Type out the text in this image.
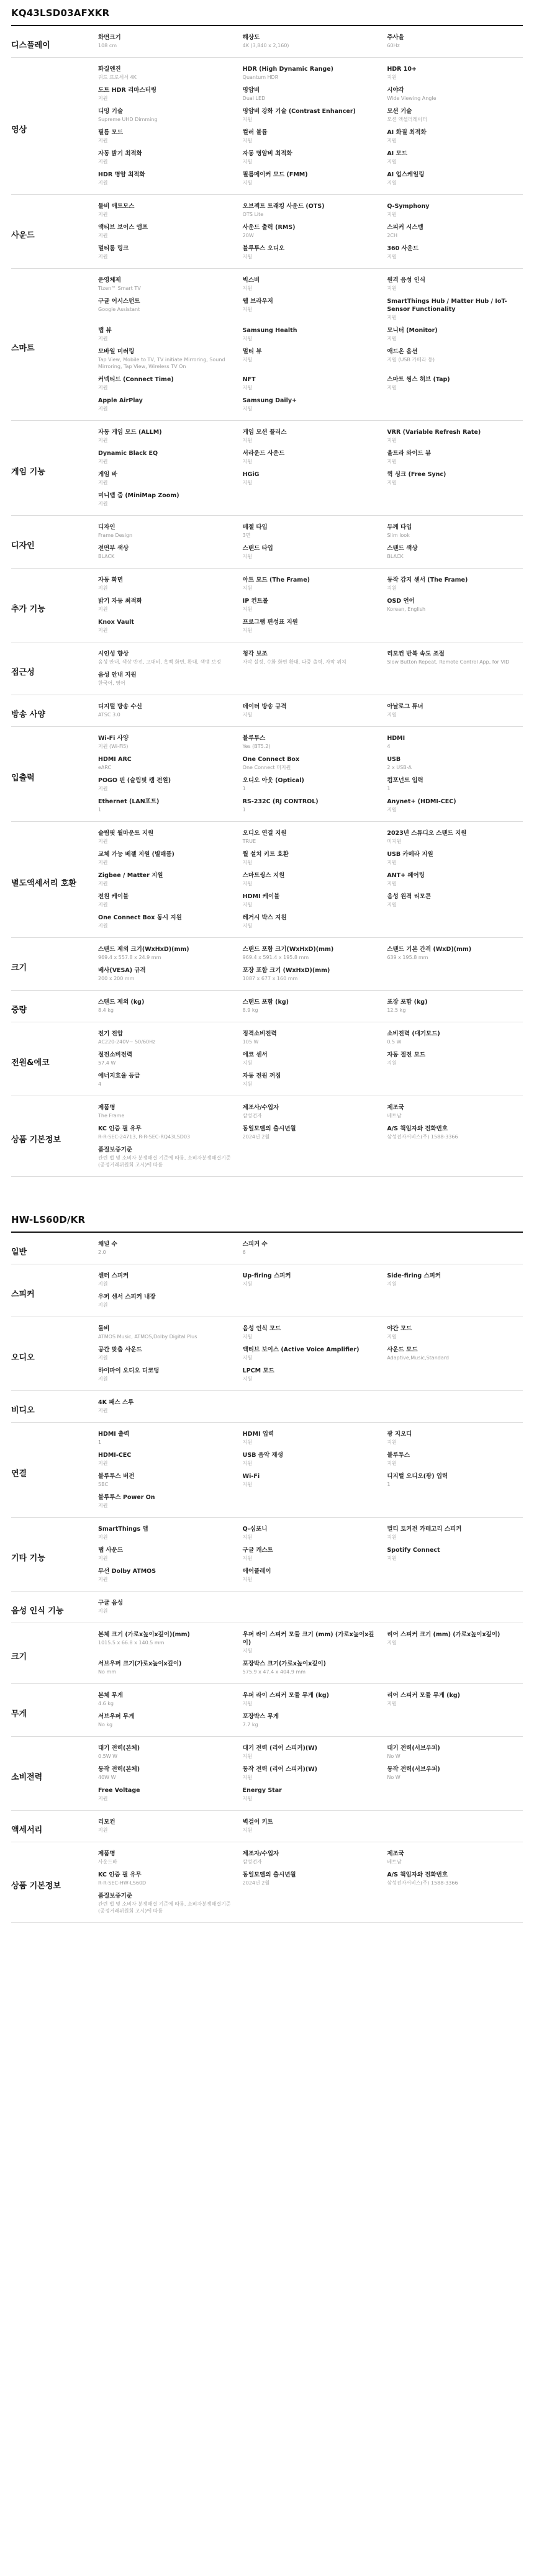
KQ43LSD03AFXKR
디스플레이
화면크기
108 cm
해상도
4K (3,840 x 2,160)
주사율
60Hz
영상
화질엔진
쿼드 프로세서 4K
HDR (High Dynamic Range)
Quantum HDR
HDR 10+
지원
도트 HDR 리마스터링
지원
명암비
Dual LED
시야각
Wide Viewing Angle
디밍 기술
Supreme UHD Dimming
명암비 강화 기술 (Contrast Enhancer)
지원
모션 기술
모션 엑셀러레이터
필름 모드
지원
컬러 볼륨
지원
AI 화질 최적화
지원
자동 밝기 최적화
지원
자동 명암비 최적화
지원
AI 모드
지원
HDR 명암 최적화
지원
필름메이커 모드 (FMM)
지원
AI 업스케일링
지원
사운드
돌비 애트모스
지원
오브젝트 트래킹 사운드 (OTS)
OTS Lite
Q-Symphony
지원
액티브 보이스 앰프
지원
사운드 출력 (RMS)
20W
스피커 시스템
2CH
멀티룸 링크
지원
블루투스 오디오
지원
360 사운드
지원
스마트
운영체제
Tizen™ Smart TV
빅스비
지원
원격 음성 인식
지원
구글 어시스턴트
Google Assistant
웹 브라우저
지원
SmartThings Hub / Matter Hub / IoT-Sensor Functionality
지원
탭 뷰
지원
Samsung Health
지원
모니터 (Monitor)
지원
모바일 미러링
Tap View, Mobile to TV, TV initiate Mirroring, Sound Mirroring, Tap View, Wireless TV On
멀티 뷰
지원
애드온 옵션
지원 (USB 카메라 등)
커넥티드 (Connect Time)
지원
NFT
지원
스마트 씽스 허브 (Tap)
지원
Apple AirPlay
지원
Samsung Daily+
지원
게임 기능
자동 게임 모드 (ALLM)
지원
게임 모션 플러스
지원
VRR (Variable Refresh Rate)
지원
Dynamic Black EQ
지원
서라운드 사운드
지원
울트라 와이드 뷰
지원
게임 바
지원
HGiG
지원
퀵 싱크 (Free Sync)
지원
미니맵 줌 (MiniMap Zoom)
지원
디자인
디자인
Frame Design
베젤 타입
3면
두께 타입
Slim look
전면부 색상
BLACK
스탠드 타입
지원
스탠드 색상
BLACK
추가 기능
자동 화면
지원
아트 모드 (The Frame)
지원
동작 감지 센서 (The Frame)
지원
밝기 자동 최적화
지원
IP 컨트롤
지원
OSD 언어
Korean, English
Knox Vault
지원
프로그램 편성표 지원
지원
접근성
시인성 향상
음성 안내, 색상 반전, 고대비, 흑백 화면, 확대, 색맹 보정
청각 보조
자막 설정, 수화 화면 확대, 다중 출력, 자막 위치
리모컨 반복 속도 조절
Slow Button Repeat, Remote Control App, for VID
음성 안내 지원
한국어, 영어
방송 사양
디지털 방송 수신
ATSC 3.0
데이터 방송 규격
지원
아날로그 튜너
지원
입출력
Wi-Fi 사양
지원 (Wi-Fi5)
블루투스
Yes (BT5.2)
HDMI
4
HDMI ARC
eARC
One Connect Box
One Connect 미지원
USB
2 x USB-A
POGO 핀 (슬림핏 캠 전원)
지원
오디오 아웃 (Optical)
1
컴포넌트 입력
1
Ethernet (LAN포트)
1
RS-232C (RJ CONTROL)
1
Anynet+ (HDMI-CEC)
지원
별도액세서리 호환
슬림핏 월마운트 지원
지원
오디오 연결 지원
TRUE
2023년 스튜디오 스탠드 지원
미지원
교체 가능 베젤 지원 (별매품)
지원
월 설치 키트 호환
지원
USB 카메라 지원
지원
Zigbee / Matter 지원
지원
스마트씽스 지원
지원
ANT+ 페어링
지원
전원 케이블
지원
HDMI 케이블
지원
음성 원격 리모콘
지원
One Connect Box 동시 지원
지원
레거시 박스 지원
지원
크기
스탠드 제외 크기(WxHxD)(mm)
969.4 x 557.8 x 24.9 mm
스탠드 포함 크기(WxHxD)(mm)
969.4 x 591.4 x 195.8 mm
스탠드 기본 간격 (WxD)(mm)
639 x 195.8 mm
베사(VESA) 규격
200 x 200 mm
포장 포함 크기 (WxHxD)(mm)
1087 x 677 x 160 mm
중량
스탠드 제외 (kg)
8.4 kg
스탠드 포함 (kg)
8.9 kg
포장 포함 (kg)
12.5 kg
전원&에코
전기 전압
AC220-240V~ 50/60Hz
정격소비전력
105 W
소비전력 (대기모드)
0.5 W
절전소비전력
57.4 W
에코 센서
지원
자동 절전 모드
지원
에너지효율 등급
4
자동 전원 꺼짐
지원
상품 기본정보
제품명
The Frame
제조사/수입자
삼성전자
제조국
베트남
KC 인증 필 유무
R-R-SEC-24713, R-R-SEC-RQ43LSD03
동일모델의 출시년월
2024년 2월
A/S 책임자와 전화번호
삼성전자서비스(주) 1588-3366
품질보증기준
관련 법 및 소비자 분쟁해결 기준에 따름, 소비자분쟁해결기준(공정거래위원회 고시)에 따름
HW-LS60D/KR
일반
채널 수
2.0
스피커 수
6
스피커
센터 스피커
지원
Up-firing 스피커
지원
Side-firing 스피커
지원
우퍼 센서 스피커 내장
지원
오디오
돌비
ATMOS Music, ATMOS,Dolby Digital Plus
음성 인식 모드
지원
야간 모드
지원
공간 맞춤 사운드
지원
액티브 보이스 (Active Voice Amplifier)
지원
사운드 모드
Adaptive,Music,Standard
하이파이 오디오 디코딩
지원
LPCM 모드
지원
비디오
4K 패스 스루
지원
연결
HDMI 출력
1
HDMI 입력
지원
광 지오디
지원
HDMI-CEC
지원
USB 음악 재생
지원
블루투스
지원
블루투스 버전
5BC
Wi-Fi
지원
디지털 오디오(광) 입력
1
블루투스 Power On
지원
기타 기능
SmartThings 앱
지원
Q-심포니
지원
멀티 토커전 카테고리 스피커
지원
탭 사운드
지원
구글 캐스트
지원
Spotify Connect
지원
무선 Dolby ATMOS
지원
에어플레이
지원
음성 인식 기능
구글 음성
지원
크기
본체 크기 (가로x높이x깊이)(mm)
1015.5 x 66.8 x 140.5 mm
우퍼 라이 스피커 모듈 크기 (mm) (가로x높이x깊이)
지원
리어 스피커 크기 (mm) (가로x높이x깊이)
지원
서브우퍼 크기(가로x높이x깊이)
No mm
포장박스 크기(가로x높이x깊이)
575.9 x 47.4 x 404.9 mm
무게
본체 무게
4.6 kg
우퍼 라이 스피커 모듈 무게 (kg)
지원
리어 스피커 모듈 무게 (kg)
지원
서브우퍼 무게
No kg
포장박스 무게
7.7 kg
소비전력
대기 전력(본체)
0.5W W
대기 전력 (리어 스피커)(W)
지원
대기 전력(서브우퍼)
No W
동작 전력(본체)
40W W
동작 전력 (리어 스피커)(W)
지원
동작 전력(서브우퍼)
No W
Free Voltage
지원
Energy Star
지원
액세서리
리모컨
지원
벽걸이 키트
지원
상품 기본정보
제품명
사운드바
제조자/수입자
삼성전자
제조국
베트남
KC 인증 필 유무
R-R-SEC-HW-LS60D
동일모델의 출시년월
2024년 2월
A/S 책임자와 전화번호
삼성전자서비스(주) 1588-3366
품질보증기준
관련 법 및 소비자 분쟁해결 기준에 따름, 소비자분쟁해결기준(공정거래위원회 고시)에 따름
